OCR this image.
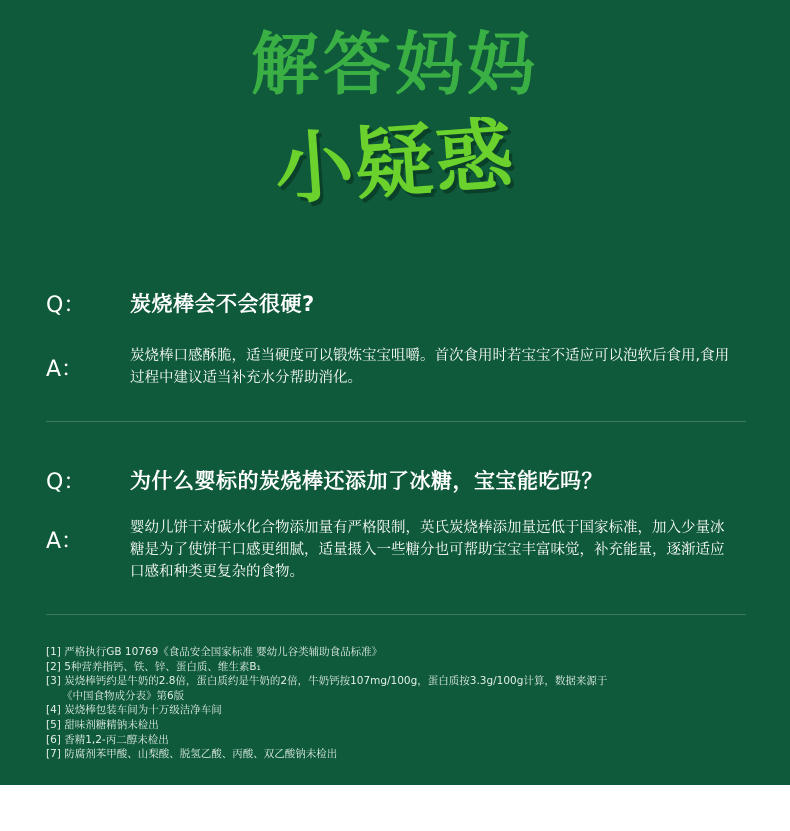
解答妈妈
小疑惑
Q： 炭烧棒会不会很硬?
A：
炭烧棒口感酥脆，适当硬度可以锻炼宝宝咀嚼。首次食用时若宝宝不适应可以泡软后食用,食用过程中建议适当补充水分帮助消化。
Q： 为什么婴标的炭烧棒还添加了冰糖，宝宝能吃吗？
A：
婴幼儿饼干对碳水化合物添加量有严格限制，英氏炭烧棒添加量远低于国家标准，加入少量冰糖是为了使饼干口感更细腻，适量摄入一些糖分也可帮助宝宝丰富味觉，补充能量，逐渐适应口感和种类更复杂的食物。
[1] 严格执行GB 10769《食品安全国家标准 婴幼儿谷类辅助食品标准》
[2] 5种营养指钙、铁、锌、蛋白质、维生素B₁
[3] 炭烧棒钙约是牛奶的2.8倍，蛋白质约是牛奶的2倍，牛奶钙按107mg/100g，蛋白质按3.3g/100g计算，数据来源于
《中国食物成分表》第6版
[4] 炭烧棒包装车间为十万级洁净车间
[5] 甜味剂糖精钠未检出
[6] 香精1,2-丙二醇未检出
[7] 防腐剂苯甲酸、山梨酸、脱氢乙酸、丙酸、双乙酸钠未检出
